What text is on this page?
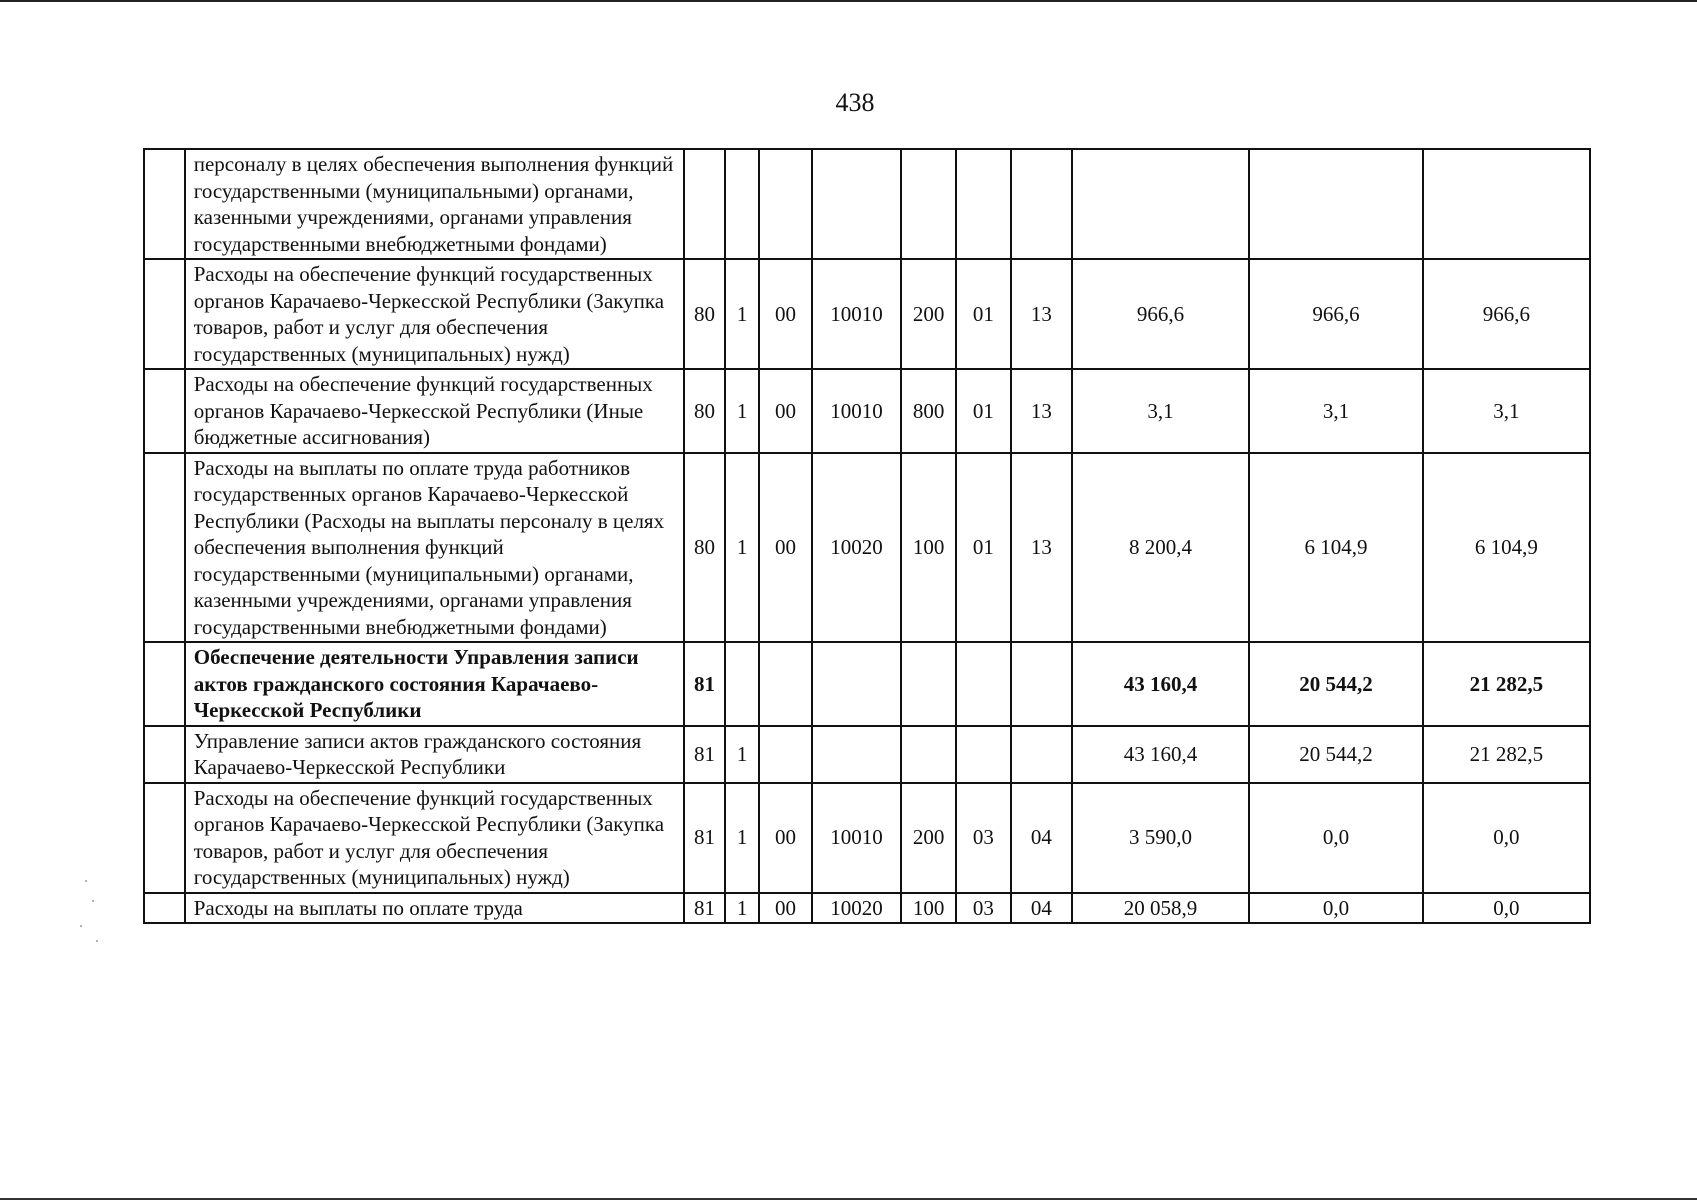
438
	персоналу в целях обеспечения выполнения функций государственными (муниципальными) органами, казенными учреждениями, органами управления государственными внебюджетными фондами)										
	Расходы на обеспечение функций государственных органов Карачаево-Черкесской Республики (Закупка товаров, работ и услуг для обеспечения государственных (муниципальных) нужд)	80	1	00	10010	200	01	13	966,6	966,6	966,6
	Расходы на обеспечение функций государственных органов Карачаево-Черкесской Республики (Иные бюджетные ассигнования)	80	1	00	10010	800	01	13	3,1	3,1	3,1
	Расходы на выплаты по оплате труда работников государственных органов Карачаево-Черкесской Республики (Расходы на выплаты персоналу в целях обеспечения выполнения функций государственными (муниципальными) органами, казенными учреждениями, органами управления государственными внебюджетными фондами)	80	1	00	10020	100	01	13	8 200,4	6 104,9	6 104,9
	Обеспечение деятельности Управления записи актов гражданского состояния Карачаево-Черкесской Республики	81							43 160,4	20 544,2	21 282,5
	Управление записи актов гражданского состояния Карачаево-Черкесской Республики	81	1						43 160,4	20 544,2	21 282,5
	Расходы на обеспечение функций государственных органов Карачаево-Черкесской Республики (Закупка товаров, работ и услуг для обеспечения государственных (муниципальных) нужд)	81	1	00	10010	200	03	04	3 590,0	0,0	0,0
	Расходы на выплаты по оплате труда	81	1	00	10020	100	03	04	20 058,9	0,0	0,0
